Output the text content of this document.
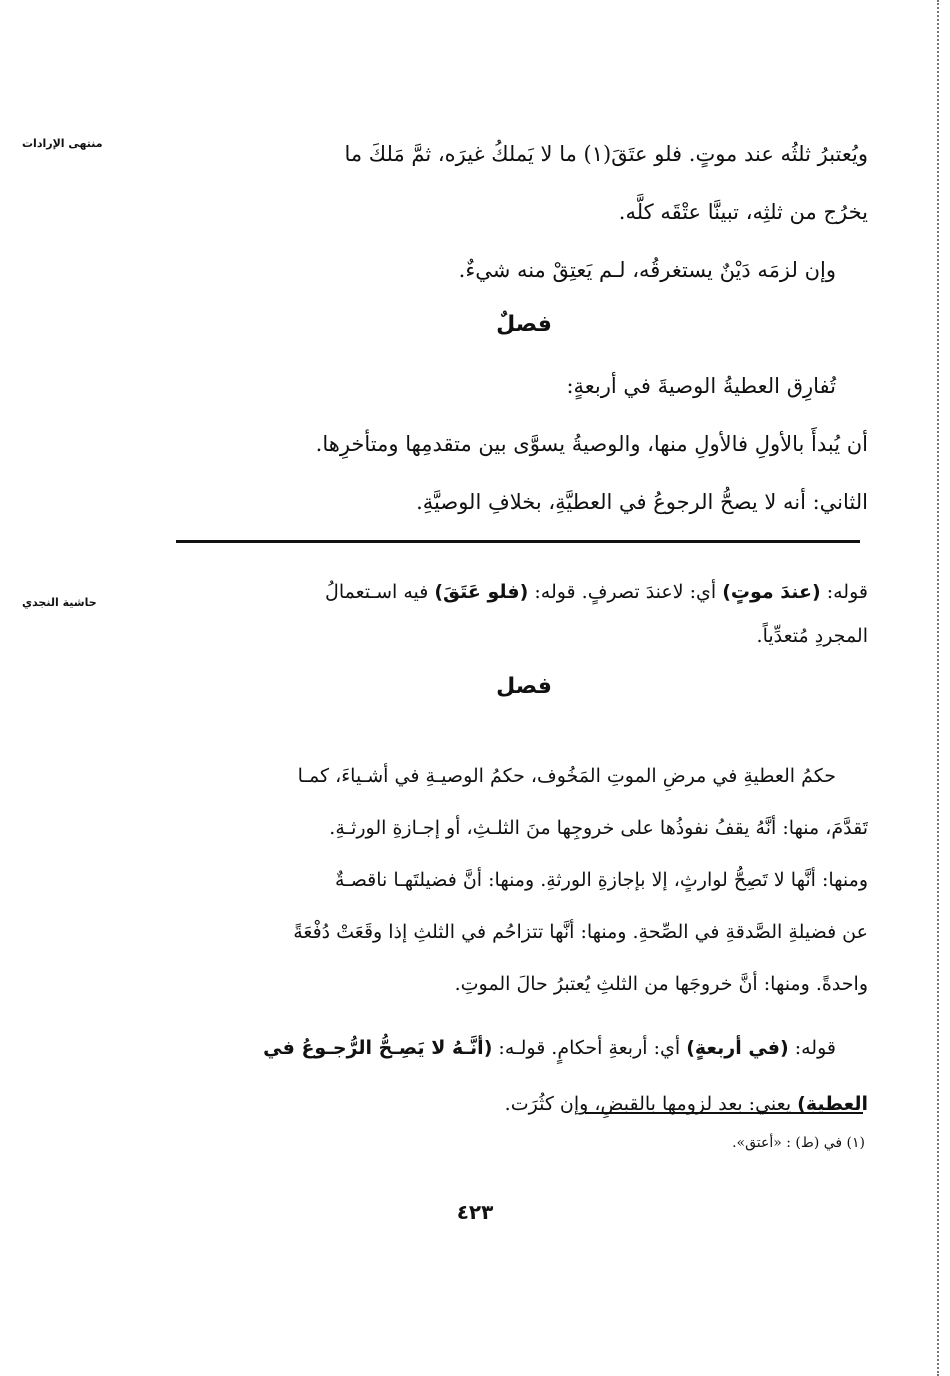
منتهى الإرادات
حاشية النجدي
ويُعتبرُ ثلثُه عند موتٍ. فلو عتَقَ(١) ما لا يَملكُ غيرَه، ثمَّ مَلكَ ما
يخرُج من ثلثِه، تبينَّا عتْقَه كلَّه.
وإن لزمَه دَيْنٌ يستغرقُه، لـم يَعتِقْ منه شيءٌ.
فصلٌ
تُفارِق العطيةُ الوصيةَ في أربعةٍ:
أن يُبدأَ بالأولِ فالأولِ منها، والوصيةُ يسوَّى بين متقدمِها ومتأخرِها.
الثاني: أنه لا يصحُّ الرجوعُ في العطيَّةِ، بخلافِ الوصيَّةِ.
قوله: (عندَ موتٍ) أي: لاعندَ تصرفٍ. قوله: (فلو عَتَقَ) فيه اسـتعمالُ
المجردِ مُتعدِّياً.
فصل
حكمُ العطيةِ في مرضِ الموتِ المَخُوف، حكمُ الوصيـةِ في أشـياءَ، كمـا
تَقدَّمَ، منها: أنَّهُ يقفُ نفوذُها على خروجِها منَ الثلـثِ، أو إجـازةِ الورثـةِ.
ومنها: أنَّها لا تَصِحُّ لوارثٍ، إلا بإجازةِ الورثةِ. ومنها: أنَّ فضيلتَهـا ناقصـةٌ
عن فضيلةِ الصَّدقةِ في الصِّحةِ. ومنها: أنَّها تتزاحُم في الثلثِ إذا وقَعَتْ دُفْعَةً
واحدةً. ومنها: أنَّ خروجَها من الثلثِ يُعتبرُ حالَ الموتِ.
قوله: (في أربعةٍ) أي: أربعةِ أحكامٍ. قولـه: (أنَّـهُ لا يَصِـحُّ الرُّجـوعُ في
العطيةِ) يعني: بعد لزومِها بالقبضِ، وإن كثُرَت.
(١) في (ط) : «أعتق».
٤٢٣
